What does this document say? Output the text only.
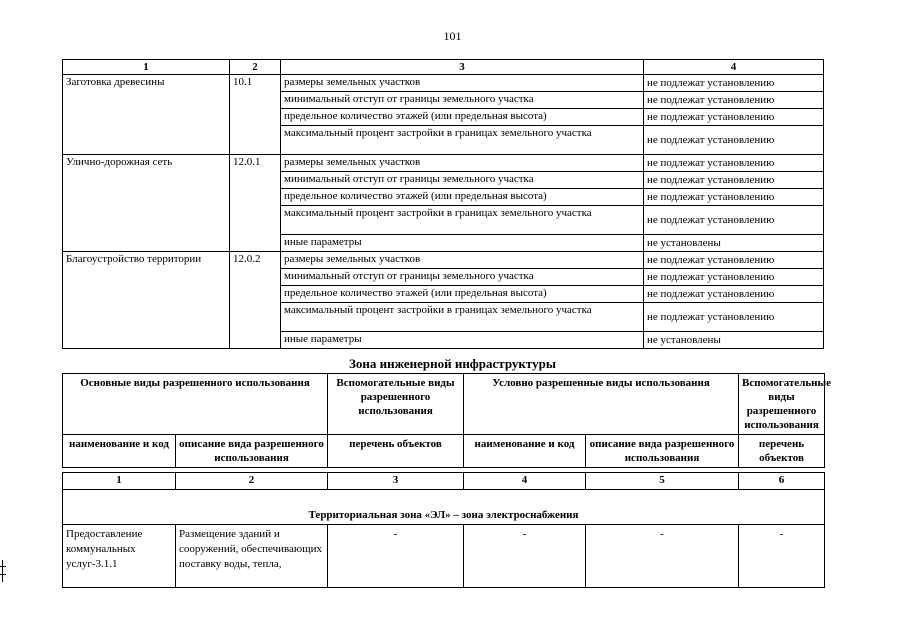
101
1	2	3	4
Заготовка древесины	10.1	размеры земельных участков	не подлежат установлению
		минимальный отступ от границы земельного участка	не подлежат установлению
		предельное количество этажей (или предельная высота)	не подлежат установлению
		максимальный процент застройки в границах земельного участка	не подлежат установлению
Улично-дорожная сеть	12.0.1	размеры земельных участков	не подлежат установлению
		минимальный отступ от границы земельного участка	не подлежат установлению
		предельное количество этажей (или предельная высота)	не подлежат установлению
		максимальный процент застройки в границах земельного участка	не подлежат установлению
		иные параметры	не установлены
Благоустройство территории	12.0.2	размеры земельных участков	не подлежат установлению
		минимальный отступ от границы земельного участка	не подлежат установлению
		предельное количество этажей (или предельная высота)	не подлежат установлению
		максимальный процент застройки в границах земельного участка	не подлежат установлению
		иные параметры	не установлены
Зона инженерной инфраструктуры
Основные виды разрешенного использования		Вспомогательные виды разрешенного использования	Условно разрешенные виды использования		Вспомогательные виды разрешенного использования
наименование и код	описание вида разрешенного использования	перечень объектов	наименование и код	описание вида разрешенного использования	перечень объектов

1	2	3	4	5	6
Территориальная зона «ЭЛ» – зона электроснабжения					
Предоставление коммунальных услуг-3.1.1	Размещение зданий и сооружений, обеспечивающих поставку воды, тепла,	-	-	-	-
